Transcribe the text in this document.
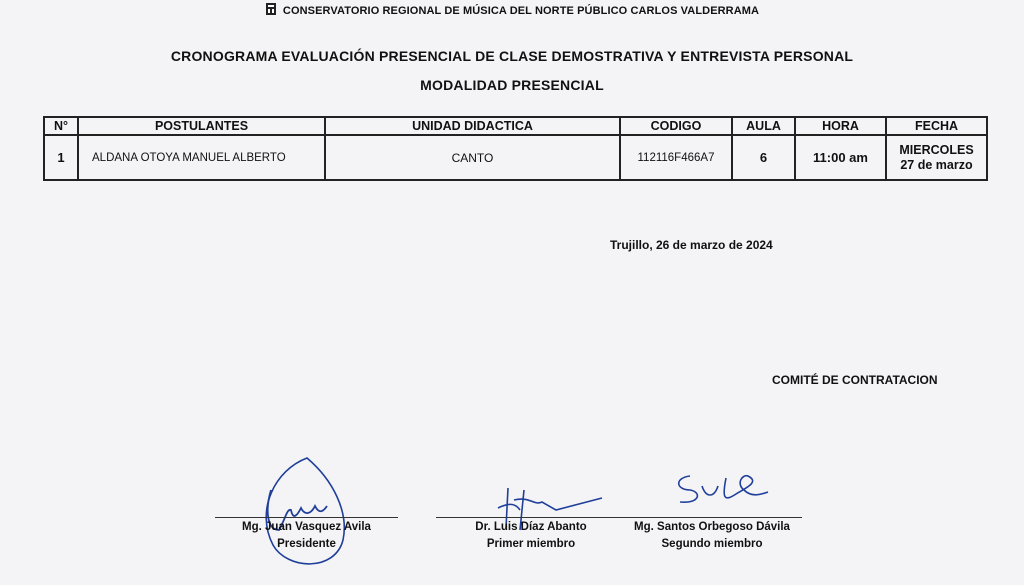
CONSERVATORIO REGIONAL DE MÚSICA DEL NORTE PÚBLICO CARLOS VALDERRAMA
CRONOGRAMA EVALUACIÓN PRESENCIAL DE CLASE DEMOSTRATIVA Y ENTREVISTA PERSONAL
MODALIDAD PRESENCIAL
N°	POSTULANTES	UNIDAD DIDACTICA	CODIGO	AULA	HORA	FECHA
1	ALDANA OTOYA MANUEL ALBERTO	CANTO	112116F466A7	6	11:00 am	MIERCOLES
27 de marzo
Trujillo, 26 de marzo de 2024
COMITÉ DE CONTRATACION
Mg. Juan Vasquez Avila
Presidente
Dr. Luis Díaz Abanto
Primer miembro
Mg. Santos Orbegoso Dávila
Segundo miembro
